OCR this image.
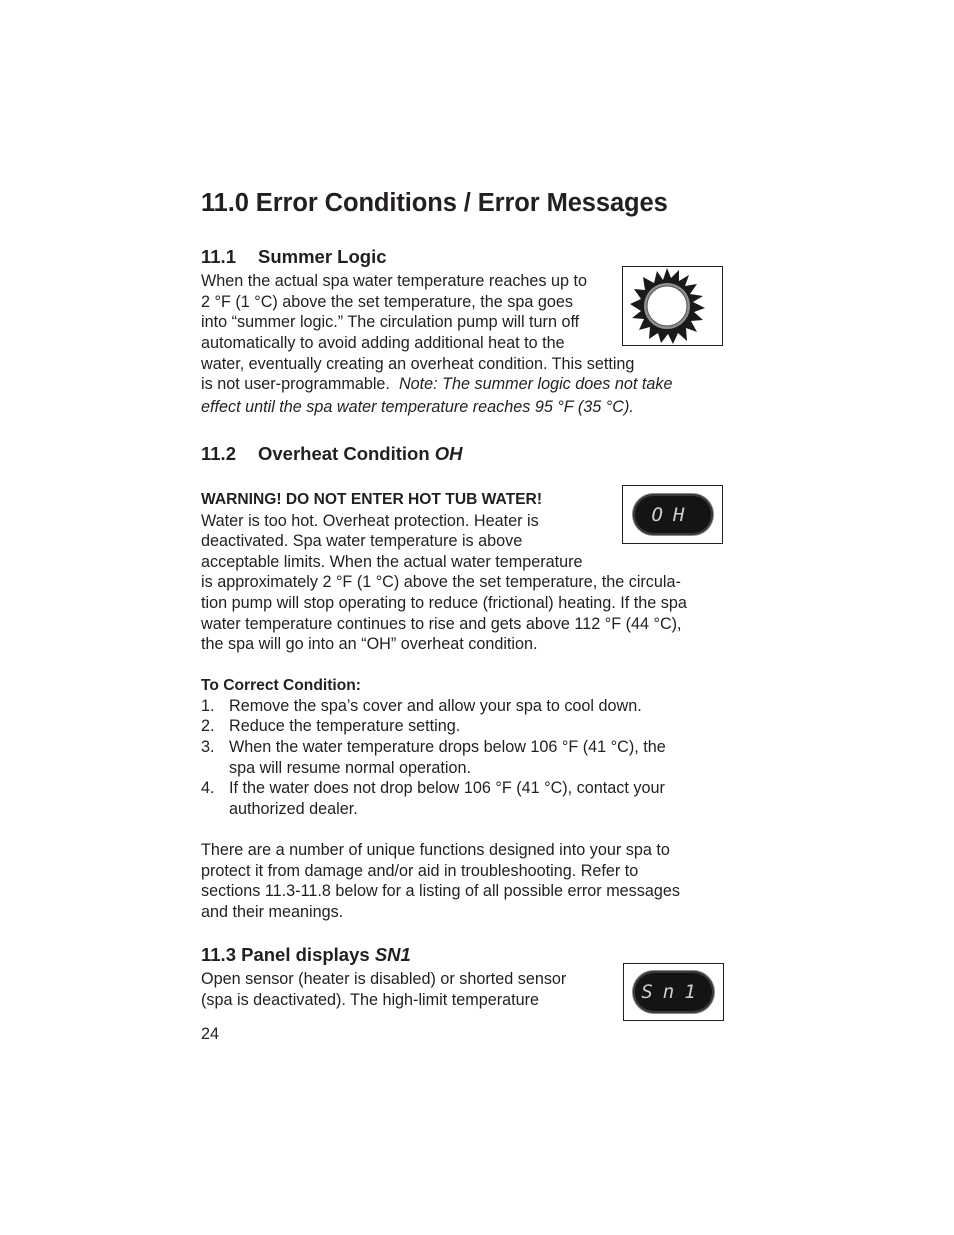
11.0 Error Conditions / Error Messages
11.1 Summer Logic
When the actual spa water temperature reaches up to
2 °F (1 °C) above the set temperature, the spa goes
into “summer logic.” The circulation pump will turn off
automatically to avoid adding additional heat to the
water, eventually creating an overheat condition. This setting
is not user-programmable. Note: The summer logic does not take
effect until the spa water temperature reaches 95 °F (35 °C).
11.2 Overheat Condition OH
WARNING! DO NOT ENTER HOT TUB WATER!
Water is too hot. Overheat protection. Heater is
deactivated. Spa water temperature is above
acceptable limits. When the actual water temperature
is approximately 2 °F (1 °C) above the set temperature, the circula-
tion pump will stop operating to reduce (frictional) heating. If the spa
water temperature continues to rise and gets above 112 °F (44 °C),
the spa will go into an “OH” overheat condition.
OH
To Correct Condition:
1. Remove the spa’s cover and allow your spa to cool down.
2. Reduce the temperature setting.
3. When the water temperature drops below 106 °F (41 °C), the
spa will resume normal operation.
4. If the water does not drop below 106 °F (41 °C), contact your
authorized dealer.
There are a number of unique functions designed into your spa to
protect it from damage and/or aid in troubleshooting. Refer to
sections 11.3-11.8 below for a listing of all possible error messages
and their meanings.
11.3 Panel displays SN1
Open sensor (heater is disabled) or shorted sensor
(spa is deactivated). The high-limit temperature	Sn1
24
